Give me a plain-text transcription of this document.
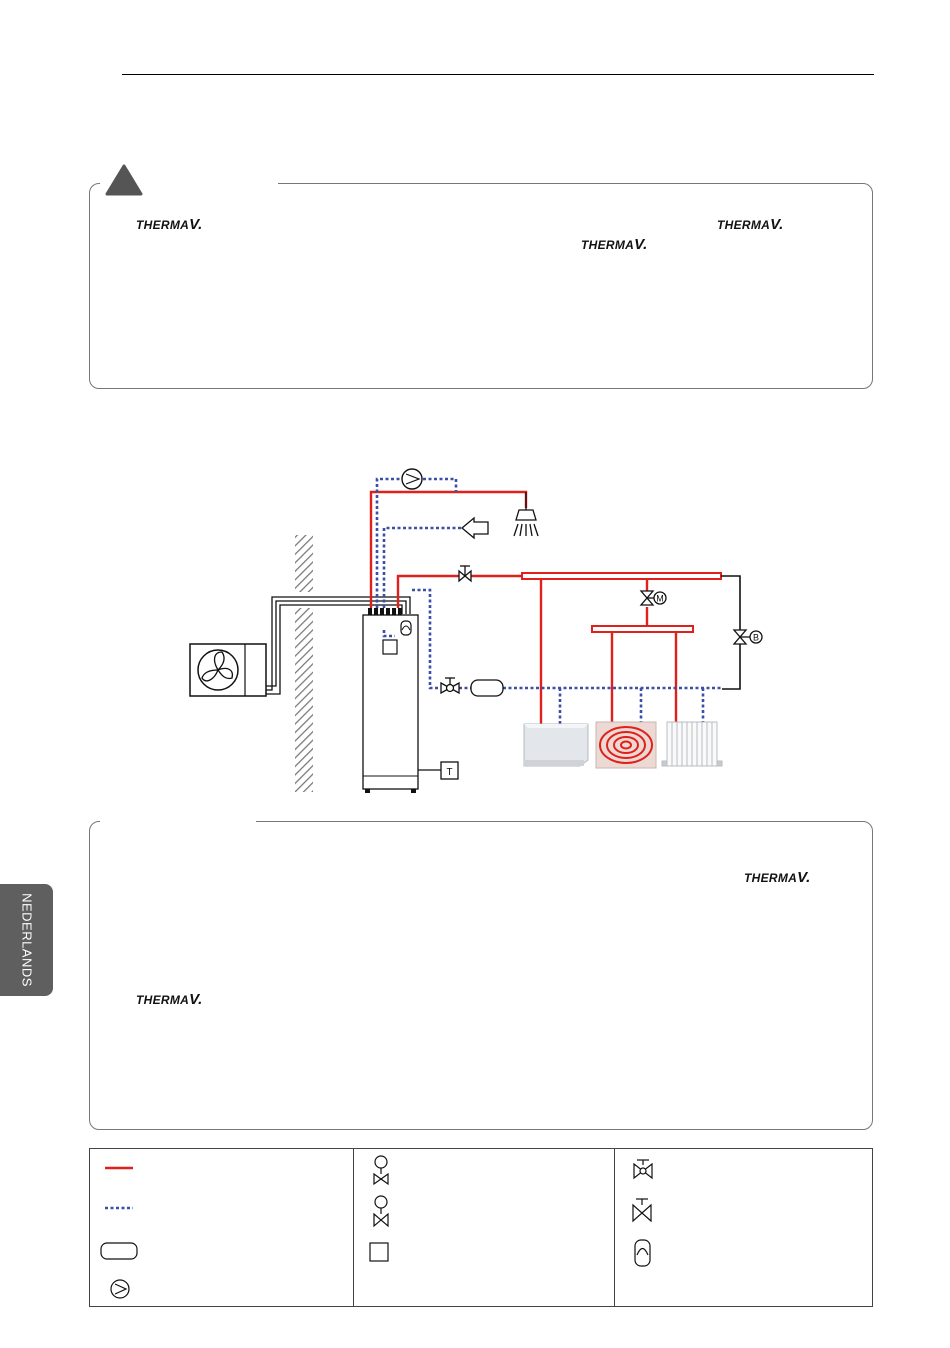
THERMAV.	THERMAV.
THERMAV.
T
M
B
THERMAV.
THERMAV.
NEDERLANDS
